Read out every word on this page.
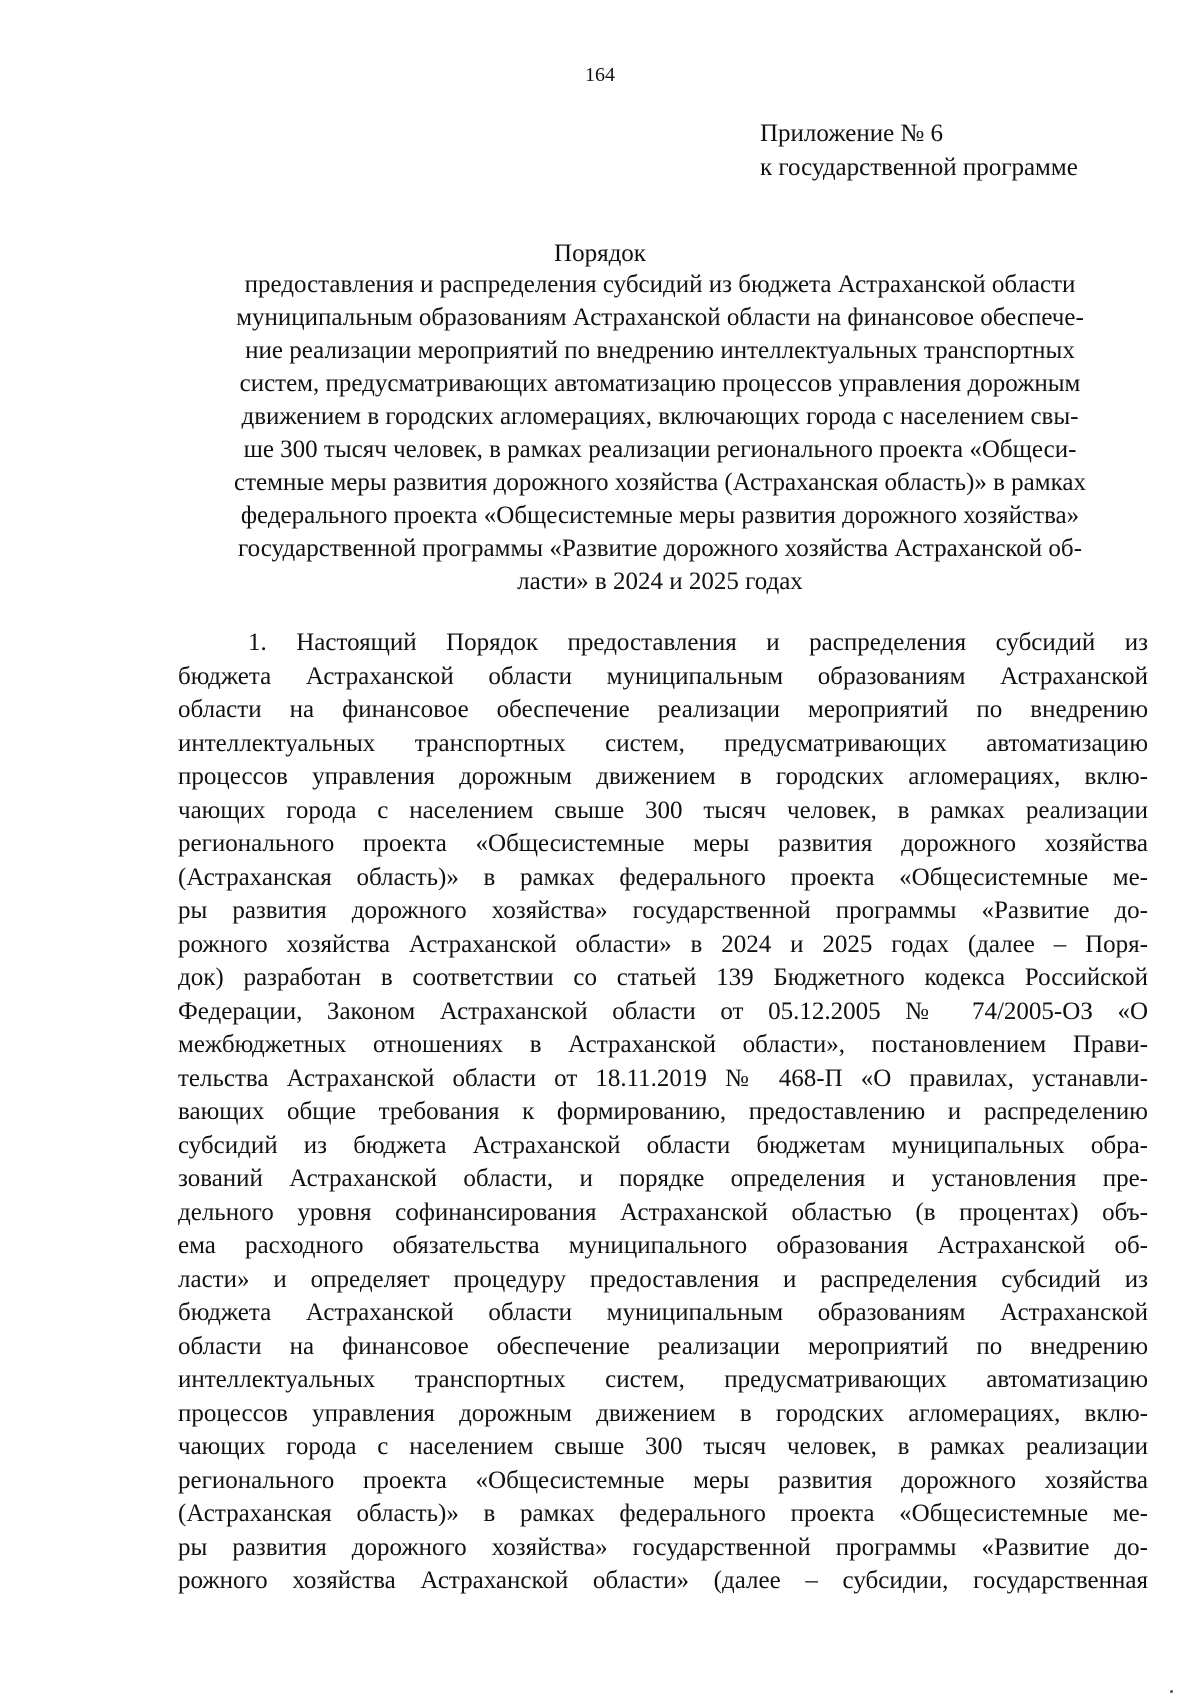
164
Приложение № 6
к государственной программе
Порядок
предоставления и распределения субсидий из бюджета Астраханской области
муниципальным образованиям Астраханской области на финансовое обеспече-
ние реализации мероприятий по внедрению интеллектуальных транспортных
систем, предусматривающих автоматизацию процессов управления дорожным
движением в городских агломерациях, включающих города с населением свы-
ше 300 тысяч человек, в рамках реализации регионального проекта «Общеси-
стемные меры развития дорожного хозяйства (Астраханская область)» в рамках
федерального проекта «Общесистемные меры развития дорожного хозяйства»
государственной программы «Развитие дорожного хозяйства Астраханской об-
ласти» в 2024 и 2025 годах
1. Настоящий Порядок предоставления и распределения субсидий из
бюджета Астраханской области муниципальным образованиям Астраханской
области на финансовое обеспечение реализации мероприятий по внедрению
интеллектуальных транспортных систем, предусматривающих автоматизацию
процессов управления дорожным движением в городских агломерациях, вклю-
чающих города с населением свыше 300 тысяч человек, в рамках реализации
регионального проекта «Общесистемные меры развития дорожного хозяйства
(Астраханская область)» в рамках федерального проекта «Общесистемные ме-
ры развития дорожного хозяйства» государственной программы «Развитие до-
рожного хозяйства Астраханской области» в 2024 и 2025 годах (далее – Поря-
док) разработан в соответствии со статьей 139 Бюджетного кодекса Российской
Федерации, Законом Астраханской области от 05.12.2005 № 74/2005-ОЗ «О
межбюджетных отношениях в Астраханской области», постановлением Прави-
тельства Астраханской области от 18.11.2019 № 468-П «О правилах, устанавли-
вающих общие требования к формированию, предоставлению и распределению
субсидий из бюджета Астраханской области бюджетам муниципальных обра-
зований Астраханской области, и порядке определения и установления пре-
дельного уровня софинансирования Астраханской областью (в процентах) объ-
ема расходного обязательства муниципального образования Астраханской об-
ласти» и определяет процедуру предоставления и распределения субсидий из
бюджета Астраханской области муниципальным образованиям Астраханской
области на финансовое обеспечение реализации мероприятий по внедрению
интеллектуальных транспортных систем, предусматривающих автоматизацию
процессов управления дорожным движением в городских агломерациях, вклю-
чающих города с населением свыше 300 тысяч человек, в рамках реализации
регионального проекта «Общесистемные меры развития дорожного хозяйства
(Астраханская область)» в рамках федерального проекта «Общесистемные ме-
ры развития дорожного хозяйства» государственной программы «Развитие до-
рожного хозяйства Астраханской области» (далее – субсидии, государственная
